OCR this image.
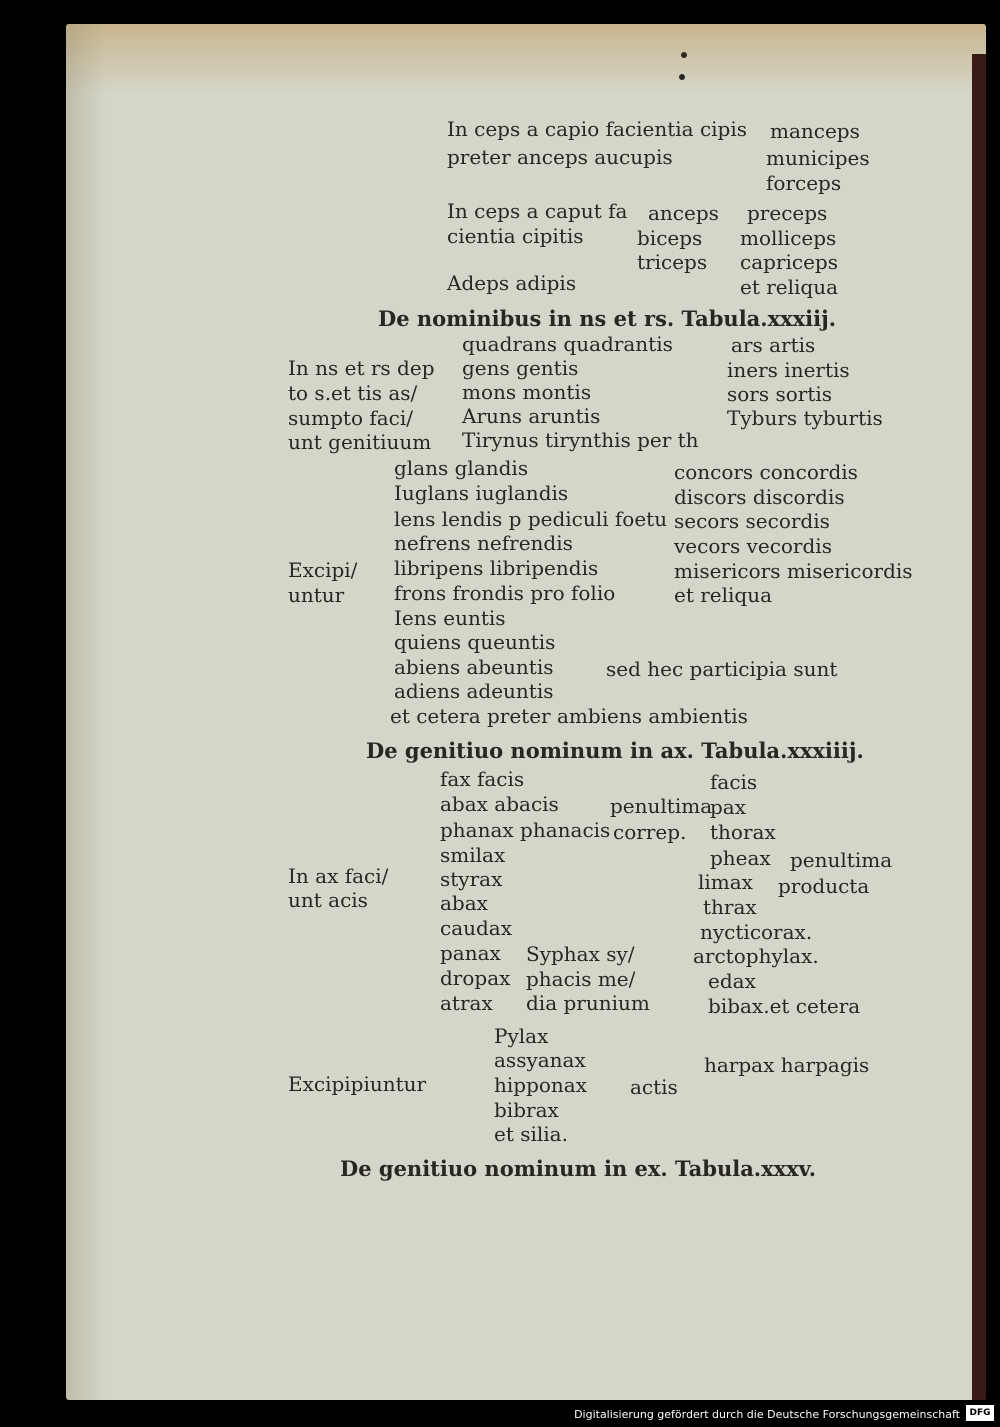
In ceps a capio facientia cipis
preter anceps aucupis
manceps
municipes
forceps
In ceps a caput fa
cientia cipitis
anceps
biceps
triceps
preceps
molliceps
capriceps
et reliqua
Adeps adipis
De nominibus in ns et rs. Tabula.xxxiij.
quadrans quadrantis	ars artis
In ns et rs dep
to s.et tis as/
sumpto faci/
unt genitiuum
gens gentis
mons montis
Aruns aruntis
Tirynus tirynthis per th
iners inertis
sors sortis
Tyburs tyburtis
glans glandis
Iuglans iuglandis
lens lendis p pediculi foetu
nefrens nefrendis
libripens libripendis
frons frondis pro folio
Iens euntis
quiens queuntis
abiens abeuntis
adiens adeuntis
et cetera preter ambiens ambientis
concors concordis
discors discordis
secors secordis
vecors vecordis
misericors misericordis
et reliqua
Excipi/
untur
sed hec participia sunt
De genitiuo nominum in ax. Tabula.xxxiiij.
fax facis
abax abacis
phanax phanacis
smilax
styrax
abax
caudax
panax
dropax
atrax
penultima
correp.
Syphax sy/
phacis me/
dia prunium
facis
pax
thorax
pheax
limax
thrax
nycticorax.
arctophylax.
edax
bibax.et cetera
penultima
producta
In ax faci/
unt acis
Pylax
assyanax
hipponax
bibrax
et silia.
actis
harpax harpagis
Excipipiuntur
De genitiuo nominum in ex. Tabula.xxxv.
Digitalisierung gefördert durch die Deutsche Forschungsgemeinschaft	DFG
